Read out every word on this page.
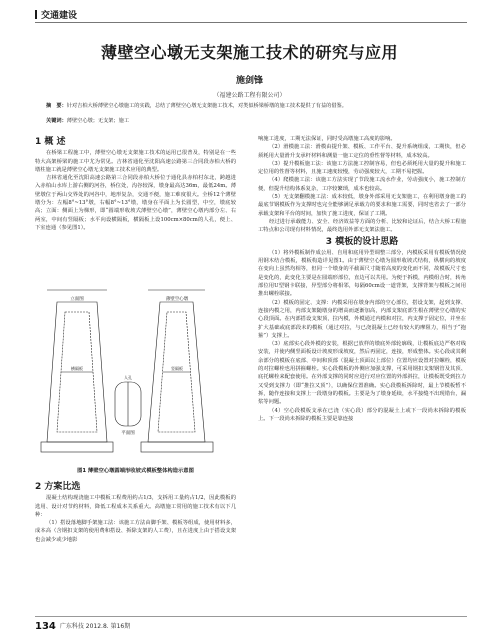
交通建设
薄壁空心墩无支架施工技术的研究与应用
施剑锋
（福建公路工程有限公司）
摘　要：针对吉柏大桥薄壁空心墩施工的实践，总结了薄壁空心墩无支架施工技术，对类似桥梁桥墩的施工技术提供了有益的借鉴。
关键词：薄壁空心墩；无支架；施工
1 概 述

在桥梁工程施工中，薄壁空心墩无支架施工技术的运用已很普及，特别是在一些特大高架桥梁的施工中尤为常见。吉林省通化至沈阳高速公路第三合同段赤柏大桥的墩柱施工就是薄壁空心墩无支架施工技术应用的典型。

吉林省通化至沈阳高速公路第三合同段赤柏大桥位于通化县赤柏村东北，跨越进入赤柏山水库上游右侧的河谷，桥位处，沟谷较深，墩身最高达36m，最低24m。薄壁墩位于两山交界处的河谷中，地形复杂，交通不便，施工难度很大。全桥12个薄壁墩分为：左幅8°~13°墩，右幅8°~13°墩，墩身在平面上为长圆型，中空，墩底较高；立面：侧面上为梯形，即“圆端形收坡式薄壁空心墩”，薄壁空心墩内部分左、右两室，中间有竖隔板；水平向设横隔板，横隔板上设100cm×80cm的人孔，便上、下室连通（参见图1）。

立面图
平面图
薄壁空心墩
人孔
横隔板	竖隔板
图1 薄壁空心墩圆端形收坡式模板整体构造示意图
2 方案比选

混凝土结构现浇施工中模板工程费用约占1/3，支拆用工量约占1/2，因此模板的选用、设计对节约材料，降低工程成本关系重大。高墩施工常用的施工技术有以下几种：

（1）搭设落地脚手架施工法：该施工方法由脚手架、模板等组成，使用材料多，成本高（含钢扣支架的使用费和搭设、拆除支架的人工费），且在进度上由于搭设支架也会减少或少地影

响施工进度，工期无法保证，同时受高墩施工高度的影响。

（2）滑模施工法：滑模由提升架、模板、工作平台、提升系统组成，工期快，但必须耗用大量滑升支承杆材料和测量一施工定位的垂性督等材料，成本较高。

（3）提升模板施工法：该施工方法施工控制容易，但也必须耗用大量的提升和施工定位用的性督等材料，且施工速度较慢，劳动强度较大，工期不易把握。

（4）爬模施工法：该施工方法实现了节段施工流水作业，劳动强度小，施工控制方便，但提升结构体系复杂，工序较繁琐，成本也较高。

（5）无支架翻模施工法：成本较低，墩身外部采用无支架施工，在利用墩身施工的最底节钢模板作为支撑时也完全能够满足承载力的要求和施工需要，同时也省去了一部分承载支架和平台的时间，加快了施工进度，保证了工期。

经过进行承载能力、安全、经济效益等方面的分析、比较和论证后，结合大桥工程施工特点和公司现有材料情况，最终选用外部无支架法施工。

3 模板的设计思路

（1）将外模板制作成公用、自用和底用异型调整三部分，内模板采用有模板情况使用钢木结合模板，模板构造详见图1。由于薄壁空心墩为圆形收坡式结构，纵横向的坡度在变向上虽然均相等，但同一个墩身的平截面尺寸随着高度的变化而不同，故模板尺寸也是变化的，此变化主要是在圆端形部位，直边可以共用。为便于拆模，内模组合时，转角部位用U型钢卡联接，异型部分将相邻，每隔60cm设一道背架，支撑背架与模板之间用推出螺栓联接。

（2）模板的固定、支撑：内模采用在墩身内部的空心部位，搭设支架，起到支撑、连接内模之用，内部支架随墩身的增高而逐渐加高，内部支架底部生根在薄壁空心墩的实心段顶面。在内部搭设支架顶，拉内模，外模通过内模和对拉，内支撑于固定位，并坐在扩大基础或底部段未的模板（通过对拉，与已浇混凝土已经有较大的摩阻力，相当于“抱箍”）支撑上。

（3）底部实心段外模的安装，根据已放样的墩底外部轮廓线，让模板底边严格对线安装，并使内侧竖面板设计坡度形成坡度，然后再固定，连接，形成整体。实心段或其剩余部分的模板在底部、中间和顶部（混凝土顶面以上部位）位置均应设置对拉螺栓，模板的对拉螺栓也用拼箍螺栓。实心段模板的外侧应加强支撑，可采用钢扣支架钢管及其顶、底托螺栓来配套使用。在外部支撑的同时应进行对应位置的外部斜拉，让模板既受到拉力又受到支撑力（即“推拉又顶”），以确保位置准确。实心段模板拆除时，最上节模板暂不拆，随作连接和支撑上一段墩身的模板。主要是为了墩身延续，水平接缝不出现错台，漏浆等问题。

（4）空心段模板支承在已浇（实心段）部分的混凝土上或下一段尚未拆除的模板上。下一段尚未拆除的模板主要是靠连接

134 广东科技 2012.8. 第16期
